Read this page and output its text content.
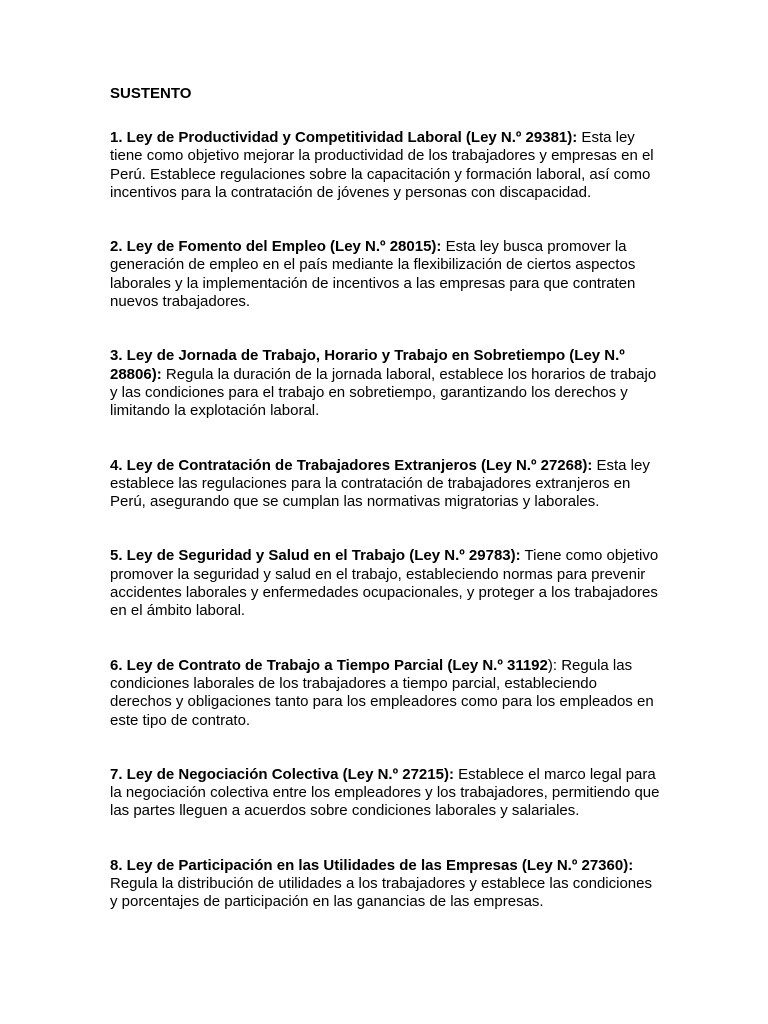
SUSTENTO

1. Ley de Productividad y Competitividad Laboral (Ley N.º 29381): Esta ley tiene como objetivo mejorar la productividad de los trabajadores y empresas en el Perú. Establece regulaciones sobre la capacitación y formación laboral, así como incentivos para la contratación de jóvenes y personas con discapacidad.

2. Ley de Fomento del Empleo (Ley N.º 28015): Esta ley busca promover la generación de empleo en el país mediante la flexibilización de ciertos aspectos laborales y la implementación de incentivos a las empresas para que contraten nuevos trabajadores.

3. Ley de Jornada de Trabajo, Horario y Trabajo en Sobretiempo (Ley N.º 28806): Regula la duración de la jornada laboral, establece los horarios de trabajo y las condiciones para el trabajo en sobretiempo, garantizando los derechos y limitando la explotación laboral.

4. Ley de Contratación de Trabajadores Extranjeros (Ley N.º 27268): Esta ley establece las regulaciones para la contratación de trabajadores extranjeros en Perú, asegurando que se cumplan las normativas migratorias y laborales.

5. Ley de Seguridad y Salud en el Trabajo (Ley N.º 29783): Tiene como objetivo promover la seguridad y salud en el trabajo, estableciendo normas para prevenir accidentes laborales y enfermedades ocupacionales, y proteger a los trabajadores en el ámbito laboral.

6. Ley de Contrato de Trabajo a Tiempo Parcial (Ley N.º 31192): Regula las condiciones laborales de los trabajadores a tiempo parcial, estableciendo derechos y obligaciones tanto para los empleadores como para los empleados en este tipo de contrato.

7. Ley de Negociación Colectiva (Ley N.º 27215): Establece el marco legal para la negociación colectiva entre los empleadores y los trabajadores, permitiendo que las partes lleguen a acuerdos sobre condiciones laborales y salariales.

8. Ley de Participación en las Utilidades de las Empresas (Ley N.º 27360): Regula la distribución de utilidades a los trabajadores y establece las condiciones y porcentajes de participación en las ganancias de las empresas.
